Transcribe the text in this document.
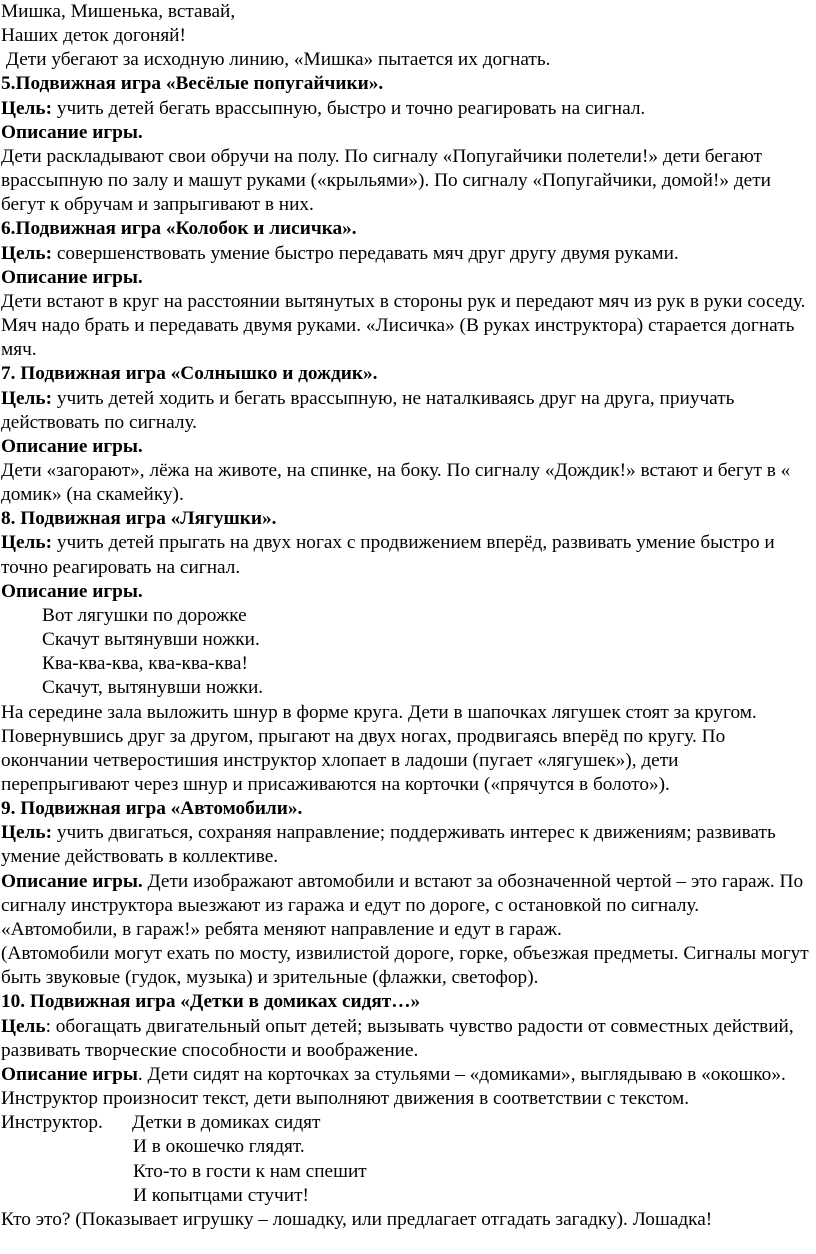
Мишка, Мишенька, вставай,

Наших деток догоняй!

Дети убегают за исходную линию, «Мишка» пытается их догнать.

5.Подвижная игра «Весёлые попугайчики».

Цель: учить детей бегать врассыпную, быстро и точно реагировать на сигнал.

Описание игры.

Дети раскладывают свои обручи на полу. По сигналу «Попугайчики полетели!» дети бегают врассыпную по залу и машут руками («крыльями»). По сигналу «Попугайчики, домой!» дети бегут к обручам и запрыгивают в них.

6.Подвижная игра «Колобок и лисичка».

Цель: совершенствовать умение быстро передавать мяч друг другу двумя руками.

Описание игры.

Дети встают в круг на расстоянии вытянутых в стороны рук и передают мяч из рук в руки соседу. Мяч надо брать и передавать двумя руками. «Лисичка» (В руках инструктора) старается догнать мяч.

7. Подвижная игра «Солнышко и дождик».

Цель: учить детей ходить и бегать врассыпную, не наталкиваясь друг на друга, приучать действовать по сигналу.

Описание игры.

Дети «загорают», лёжа на животе, на спинке, на боку. По сигналу «Дождик!» встают и бегут в « домик» (на скамейку).

8. Подвижная игра «Лягушки».

Цель: учить детей прыгать на двух ногах с продвижением вперёд, развивать умение быстро и точно реагировать на сигнал.

Описание игры.

Вот лягушки по дорожке

Скачут вытянувши ножки.

Ква-ква-ква, ква-ква-ква!

Скачут, вытянувши ножки.

На середине зала выложить шнур в форме круга. Дети в шапочках лягушек стоят за кругом. Повернувшись друг за другом, прыгают на двух ногах, продвигаясь вперёд по кругу. По окончании четверостишия инструктор хлопает в ладоши (пугает «лягушек»), дети перепрыгивают через шнур и присаживаются на корточки («прячутся в болото»).

9. Подвижная игра «Автомобили».

Цель: учить двигаться, сохраняя направление; поддерживать интерес к движениям; развивать умение действовать в коллективе.

Описание игры. Дети изображают автомобили и встают за обозначенной чертой – это гараж. По сигналу инструктора выезжают из гаража и едут по дороге, с остановкой по сигналу. «Автомобили, в гараж!» ребята меняют направление и едут в гараж.

(Автомобили могут ехать по мосту, извилистой дороге, горке, объезжая предметы. Сигналы могут быть звуковые (гудок, музыка) и зрительные (флажки, светофор).

10. Подвижная игра «Детки в домиках сидят…»

Цель: обогащать двигательный опыт детей; вызывать чувство радости от совместных действий, развивать творческие способности и воображение.

Описание игры. Дети сидят на корточках за стульями – «домиками», выглядываю в «окошко». Инструктор произносит текст, дети выполняют движения в соответствии с текстом.

Инструктор. Детки в домиках сидят

И в окошечко глядят.

Кто-то в гости к нам спешит

И копытцами стучит!

Кто это? (Показывает игрушку – лошадку, или предлагает отгадать загадку). Лошадка!
